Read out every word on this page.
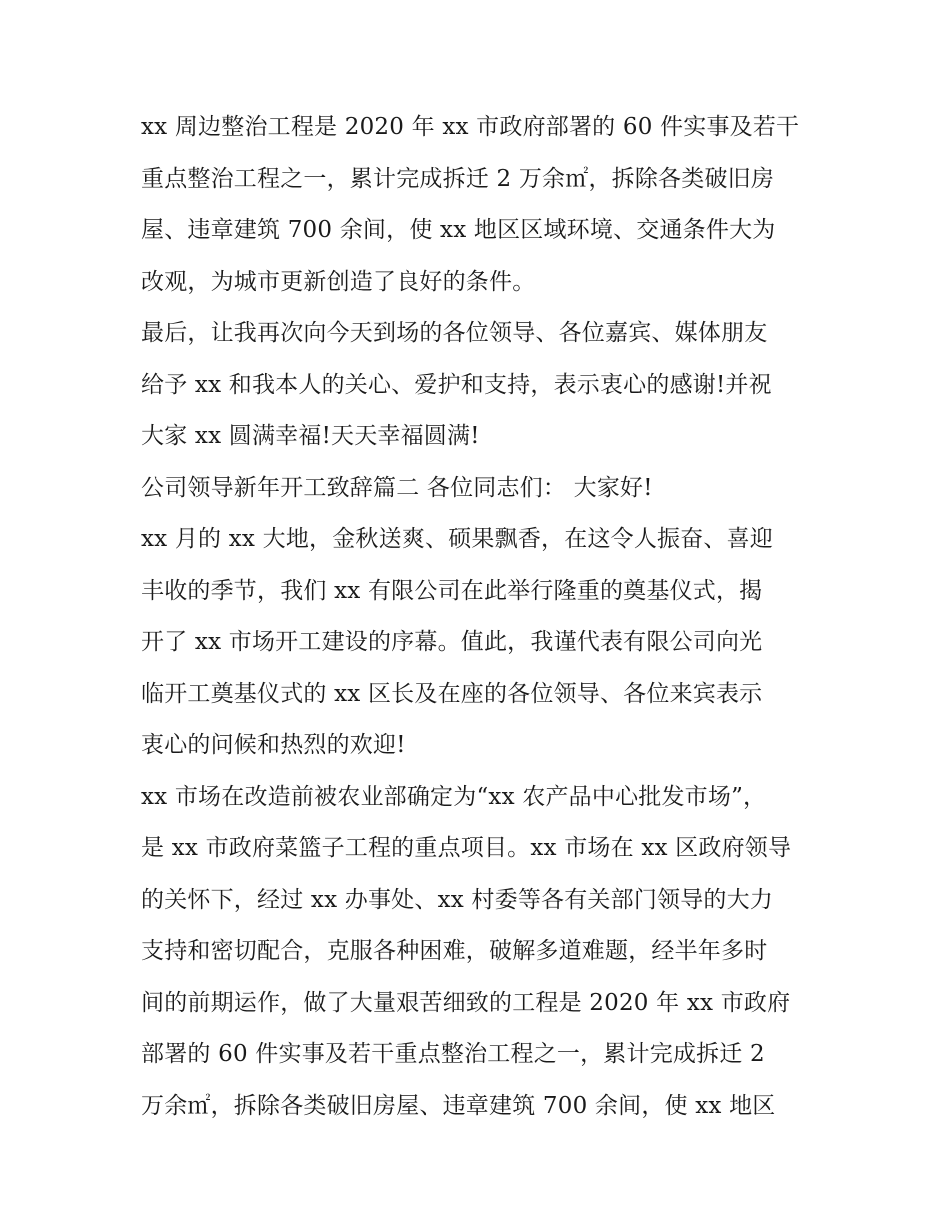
xx 周边整治工程是 2020 年 xx 市政府部署的 60 件实事及若干
重点整治工程之一，累计完成拆迁 2 万余㎡，拆除各类破旧房
屋、违章建筑 700 余间，使 xx 地区区域环境、交通条件大为
改观，为城市更新创造了良好的条件。
最后，让我再次向今天到场的各位领导、各位嘉宾、媒体朋友
给予 xx 和我本人的关心、爱护和支持，表示衷心的感谢!并祝
大家 xx 圆满幸福!天天幸福圆满!
公司领导新年开工致辞篇二 各位同志们： 大家好!
xx 月的 xx 大地，金秋送爽、硕果飘香，在这令人振奋、喜迎
丰收的季节，我们 xx 有限公司在此举行隆重的奠基仪式，揭
开了 xx 市场开工建设的序幕。值此，我谨代表有限公司向光
临开工奠基仪式的 xx 区长及在座的各位领导、各位来宾表示
衷心的问候和热烈的欢迎!
xx 市场在改造前被农业部确定为“xx 农产品中心批发市场”，
是 xx 市政府菜篮子工程的重点项目。xx 市场在 xx 区政府领导
的关怀下，经过 xx 办事处、xx 村委等各有关部门领导的大力
支持和密切配合，克服各种困难，破解多道难题，经半年多时
间的前期运作，做了大量艰苦细致的工程是 2020 年 xx 市政府
部署的 60 件实事及若干重点整治工程之一，累计完成拆迁 2
万余㎡，拆除各类破旧房屋、违章建筑 700 余间，使 xx 地区
